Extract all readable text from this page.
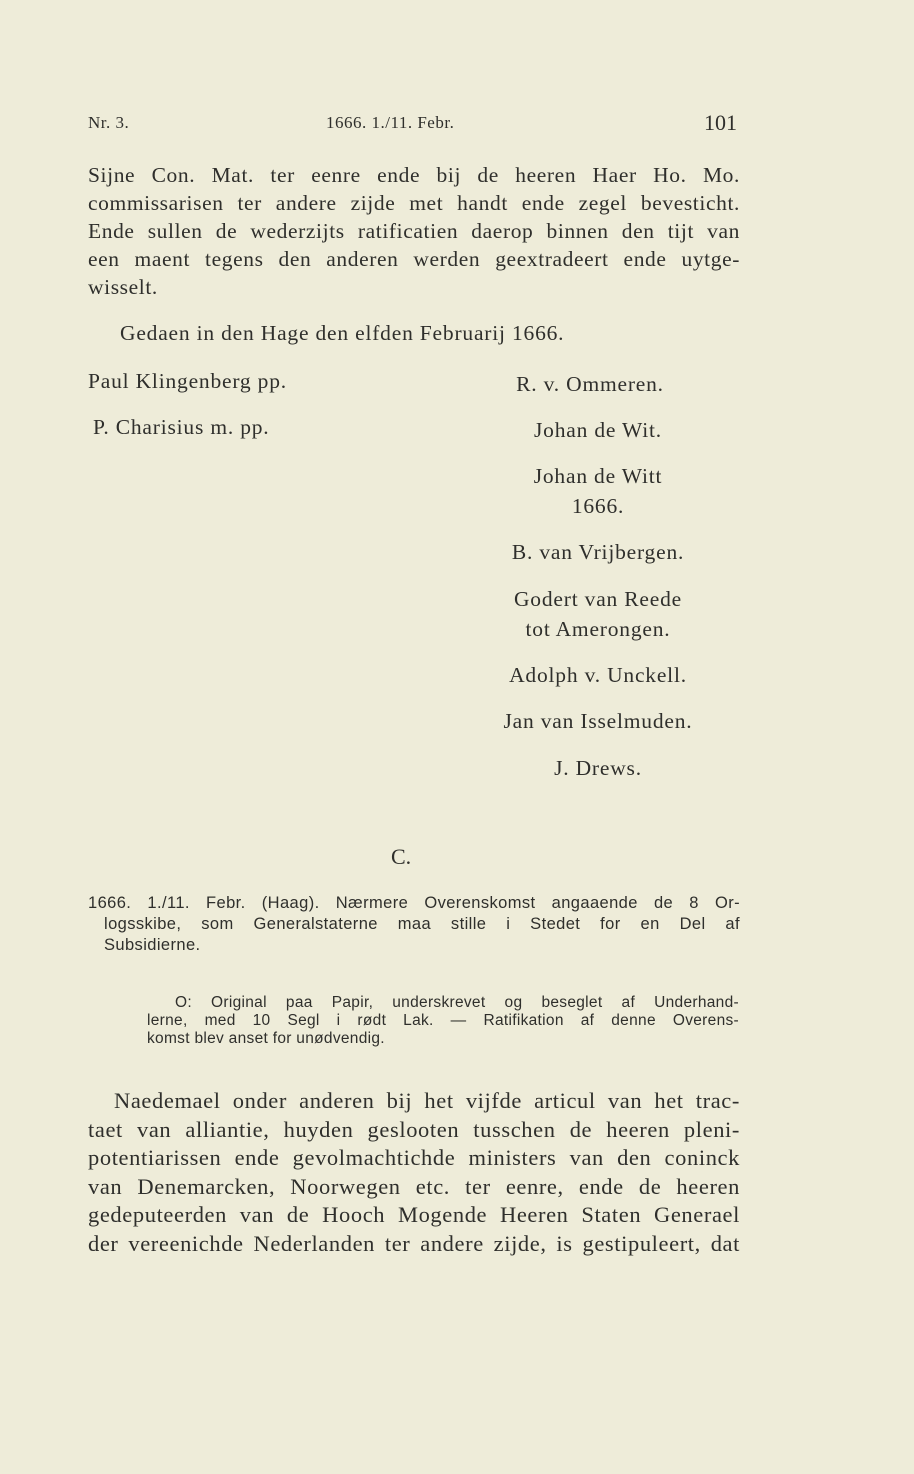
Nr. 3.	1666. 1./11. Febr.	101
Sijne Con. Mat. ter eenre ende bij de heeren Haer Ho. Mo.
commissarisen ter andere zijde met handt ende zegel bevesticht.
Ende sullen de wederzijts ratificatien daerop binnen den tijt van
een maent tegens den anderen werden geextradeert ende uytge-
wisselt.
Gedaen in den Hage den elfden Februarij 1666.
Paul Klingenberg pp.
P. Charisius m. pp.
R. v. Ommeren.
Johan de Wit.
Johan de Witt
1666.
B. van Vrijbergen.
Godert van Reede
tot Amerongen.
Adolph v. Unckell.
Jan van Isselmuden.
J. Drews.
C.
1666. 1./11. Febr. (Haag). Nærmere Overenskomst angaaende de 8 Or-
logsskibe, som Generalstaterne maa stille i Stedet for en Del af
Subsidierne.
O: Original paa Papir, underskrevet og beseglet af Underhand-
lerne, med 10 Segl i rødt Lak. — Ratifikation af denne Overens-
komst blev anset for unødvendig.
Naedemael onder anderen bij het vijfde articul van het trac-
taet van alliantie, huyden geslooten tusschen de heeren pleni-
potentiarissen ende gevolmachtichde ministers van den coninck
van Denemarcken, Noorwegen etc. ter eenre, ende de heeren
gedeputeerden van de Hooch Mogende Heeren Staten Generael
der vereenichde Nederlanden ter andere zijde, is gestipuleert, dat
